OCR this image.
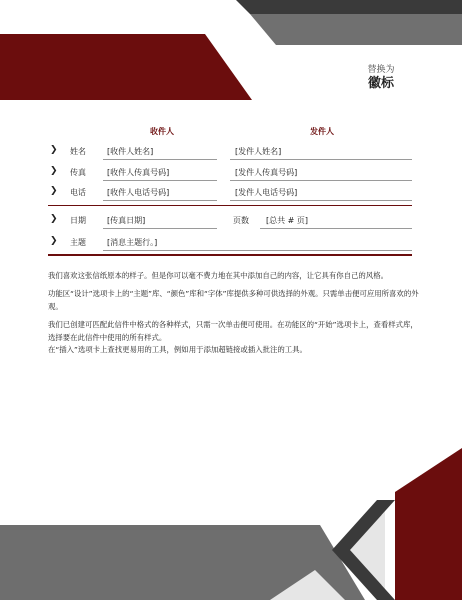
替换为
徽标
收件人	发件人
❯ 姓名	[收件人姓名]	[发件人姓名]
❯ 传真	[收件人传真号码]	[发件人传真号码]
❯ 电话	[收件人电话号码]	[发件人电话号码]
❯ 日期	[传真日期]	页数 [总共 # 页]
❯ 主题	[消息主题行。]

我们喜欢这张信纸原本的样子。但是你可以毫不费力地在其中添加自己的内容，让它具有你自己的风格。

功能区“设计”选项卡上的“主题”库、“颜色”库和“字体”库提供多种可供选择的外观。只需单击便可应用所喜欢的外观。

我们已创建可匹配此信件中格式的各种样式，只需一次单击便可使用。在功能区的“开始”选项卡上，查看样式库，选择要在此信件中使用的所有样式。

在“插入”选项卡上查找更易用的工具，例如用于添加超链接或插入批注的工具。
